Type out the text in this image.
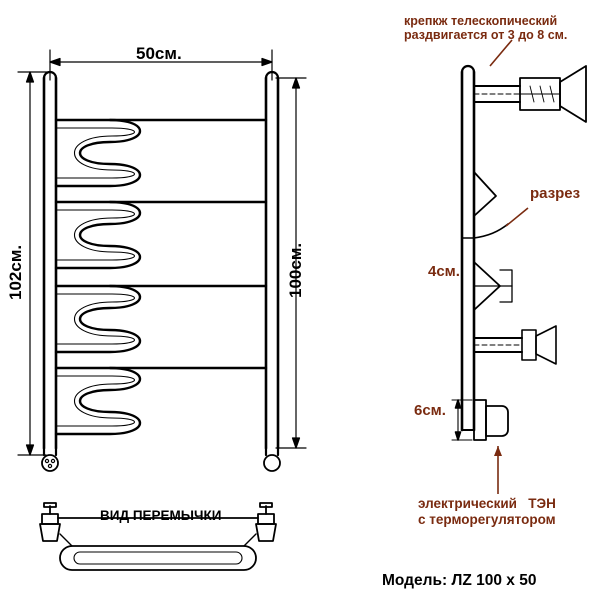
50см.
102см.	100см.
ВИД ПЕРЕМЫЧКИ
крепкж телескопический
раздвигается от 3 до 8 см.
разрез
4см.
6см.
электрический   ТЭН
с терморегулятором
Модель: ЛZ 100 х 50
